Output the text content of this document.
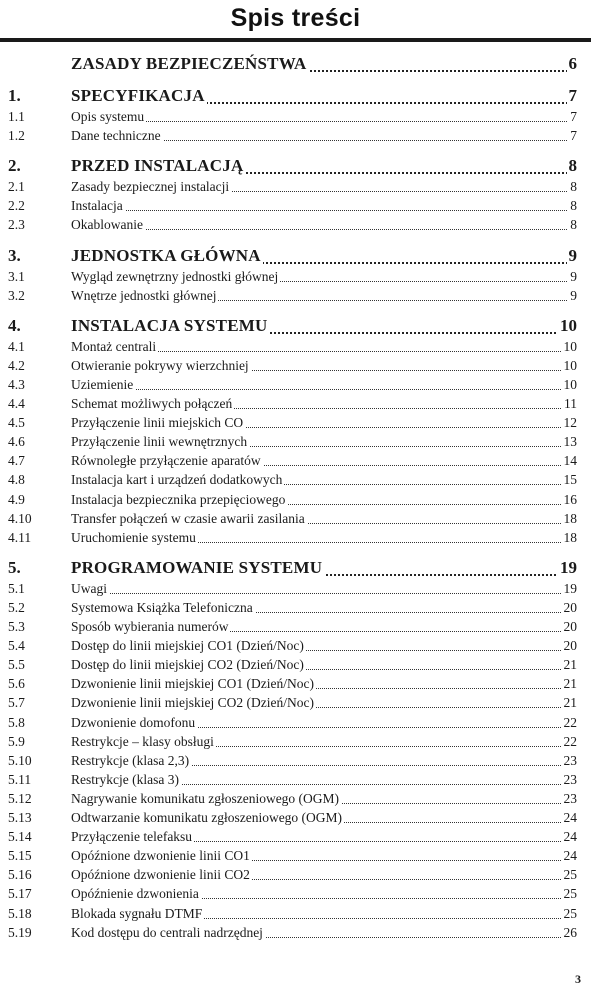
Spis treści
ZASADY BEZPIECZEŃSTWA	6
1.	SPECYFIKACJA	7
1.1	Opis systemu	7
1.2	Dane techniczne	7
2.	PRZED INSTALACJĄ	8
2.1	Zasady bezpiecznej instalacji	8
2.2	Instalacja	8
2.3	Okablowanie	8
3.	JEDNOSTKA GŁÓWNA	9
3.1	Wygląd zewnętrzny jednostki głównej	9
3.2	Wnętrze jednostki głównej	9
4.	INSTALACJA SYSTEMU	10
4.1	Montaż centrali	10
4.2	Otwieranie pokrywy wierzchniej	10
4.3	Uziemienie	10
4.4	Schemat możliwych połączeń	11
4.5	Przyłączenie linii miejskich CO	12
4.6	Przyłączenie linii wewnętrznych	13
4.7	Równoległe przyłączenie aparatów	14
4.8	Instalacja kart i urządzeń dodatkowych	15
4.9	Instalacja bezpiecznika przepięciowego	16
4.10	Transfer połączeń w czasie awarii zasilania	18
4.11	Uruchomienie systemu	18
5.	PROGRAMOWANIE SYSTEMU	19
5.1	Uwagi	19
5.2	Systemowa Książka Telefoniczna	20
5.3	Sposób wybierania numerów	20
5.4	Dostęp do linii miejskiej CO1 (Dzień/Noc)	20
5.5	Dostęp do linii miejskiej CO2 (Dzień/Noc)	21
5.6	Dzwonienie linii miejskiej CO1 (Dzień/Noc)	21
5.7	Dzwonienie linii miejskiej CO2 (Dzień/Noc)	21
5.8	Dzwonienie domofonu	22
5.9	Restrykcje – klasy obsługi	22
5.10	Restrykcje (klasa 2,3)	23
5.11	Restrykcje (klasa 3)	23
5.12	Nagrywanie komunikatu zgłoszeniowego (OGM)	23
5.13	Odtwarzanie komunikatu zgłoszeniowego (OGM)	24
5.14	Przyłączenie telefaksu	24
5.15	Opóźnione dzwonienie linii CO1	24
5.16	Opóźnione dzwonienie linii CO2	25
5.17	Opóźnienie dzwonienia	25
5.18	Blokada sygnału DTMF	25
5.19	Kod dostępu do centrali nadrzędnej	26
3
